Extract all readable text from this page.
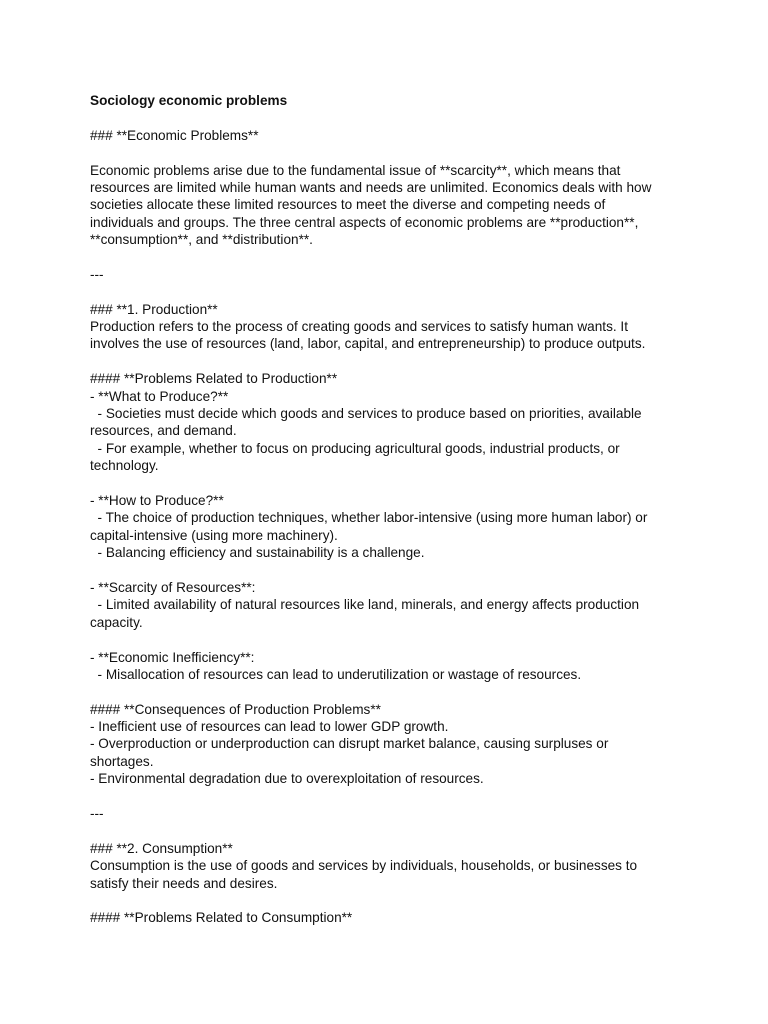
Sociology economic problems
### **Economic Problems**
Economic problems arise due to the fundamental issue of **scarcity**, which means that
resources are limited while human wants and needs are unlimited. Economics deals with how
societies allocate these limited resources to meet the diverse and competing needs of
individuals and groups. The three central aspects of economic problems are **production**,
**consumption**, and **distribution**.
---
### **1. Production**
Production refers to the process of creating goods and services to satisfy human wants. It
involves the use of resources (land, labor, capital, and entrepreneurship) to produce outputs.
#### **Problems Related to Production**
- **What to Produce?**
- Societies must decide which goods and services to produce based on priorities, available
resources, and demand.
- For example, whether to focus on producing agricultural goods, industrial products, or
technology.
- **How to Produce?**
- The choice of production techniques, whether labor-intensive (using more human labor) or
capital-intensive (using more machinery).
- Balancing efficiency and sustainability is a challenge.
- **Scarcity of Resources**:
- Limited availability of natural resources like land, minerals, and energy affects production
capacity.
- **Economic Inefficiency**:
- Misallocation of resources can lead to underutilization or wastage of resources.
#### **Consequences of Production Problems**
- Inefficient use of resources can lead to lower GDP growth.
- Overproduction or underproduction can disrupt market balance, causing surpluses or
shortages.
- Environmental degradation due to overexploitation of resources.
---
### **2. Consumption**
Consumption is the use of goods and services by individuals, households, or businesses to
satisfy their needs and desires.
#### **Problems Related to Consumption**
